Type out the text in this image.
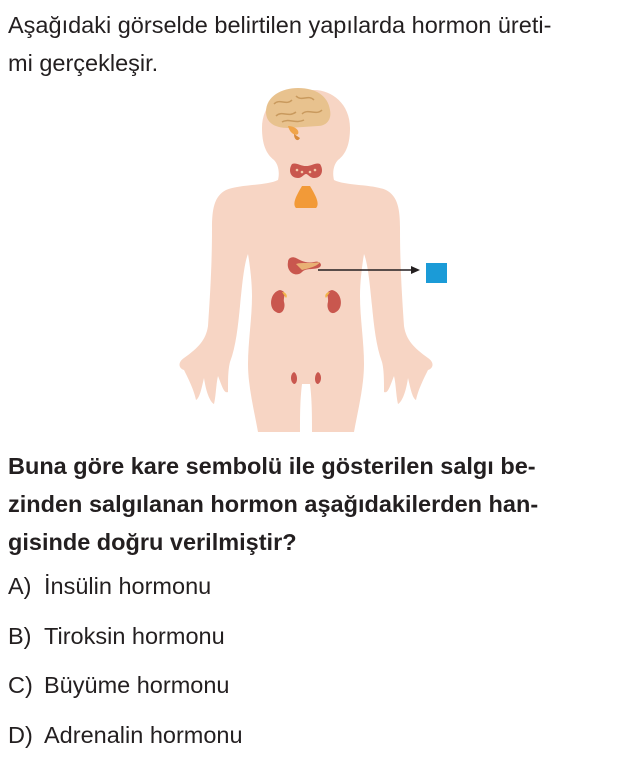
Aşağıdaki görselde belirtilen yapılarda hormon üreti-
mi gerçekleşir.

Buna göre kare sembolü ile gösterilen salgı be-
zinden salgılanan hormon aşağıdakilerden han-
gisinde doğru verilmiştir?

A) İnsülin hormonu
B) Tiroksin hormonu
C) Büyüme hormonu
D) Adrenalin hormonu
